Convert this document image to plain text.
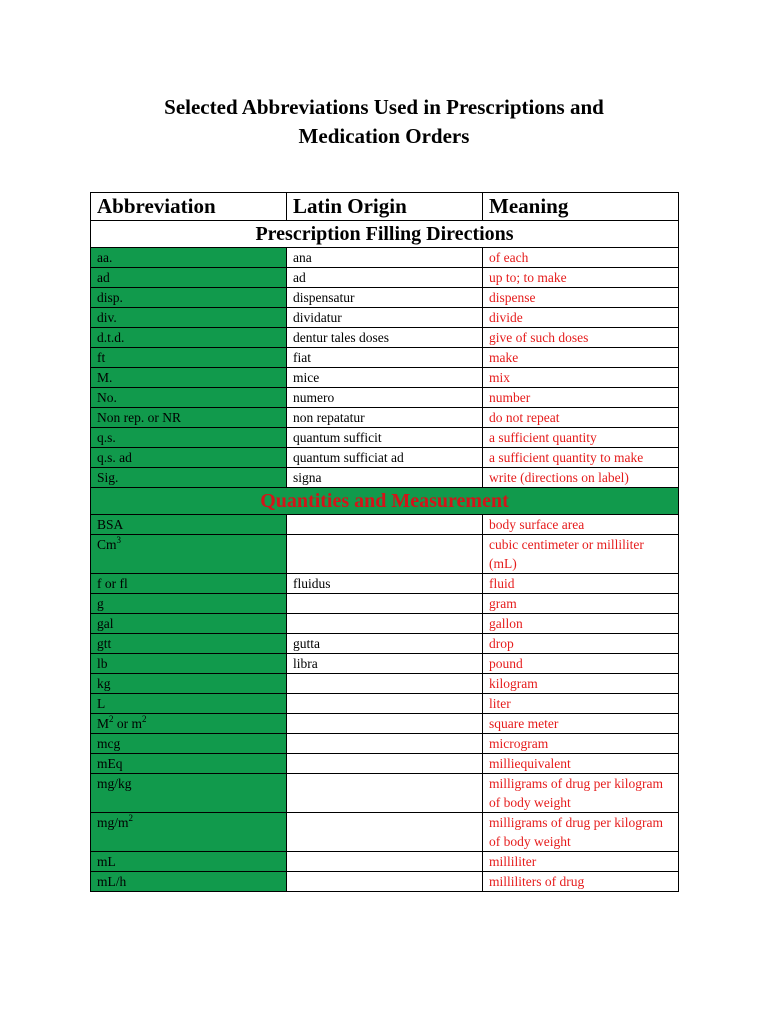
Selected Abbreviations Used in Prescriptions and
Medication Orders
Abbreviation	Latin Origin	Meaning
Prescription Filling Directions		
aa.	ana	of each
ad	ad	up to; to make
disp.	dispensatur	dispense
div.	dividatur	divide
d.t.d.	dentur tales doses	give of such doses
ft	fiat	make
M.	mice	mix
No.	numero	number
Non rep. or NR	non repatatur	do not repeat
q.s.	quantum sufficit	a sufficient quantity
q.s. ad	quantum sufficiat ad	a sufficient quantity to make
Sig.	signa	write (directions on label)
Quantities and Measurement		
BSA		body surface area
Cm$^3$		cubic centimeter or milliliter (mL)
f or fl	fluidus	fluid
g		gram
gal		gallon
gtt	gutta	drop
lb	libra	pound
kg		kilogram
L		liter
$M^2$ or $m^2$		square meter
mcg		microgram
mEq		milliequivalent
mg/kg		milligrams of drug per kilogram of body weight
$mg/m^2$		milligrams of drug per kilogram of body weight
mL		milliliter
mL/h		milliliters of drug
